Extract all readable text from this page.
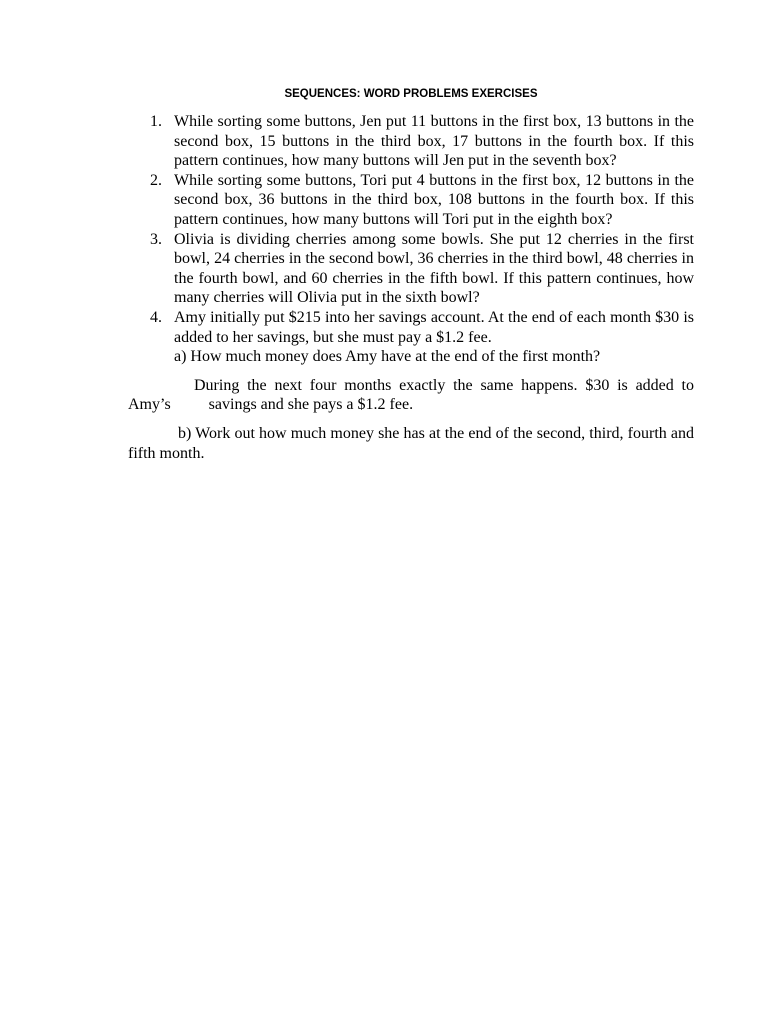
SEQUENCES: WORD PROBLEMS EXERCISES
1. While sorting some buttons, Jen put 11 buttons in the first box, 13 buttons in the second box, 15 buttons in the third box, 17 buttons in the fourth box. If this pattern continues, how many buttons will Jen put in the seventh box?
2. While sorting some buttons, Tori put 4 buttons in the first box, 12 buttons in the second box, 36 buttons in the third box, 108 buttons in the fourth box. If this pattern continues, how many buttons will Tori put in the eighth box?
3. Olivia is dividing cherries among some bowls. She put 12 cherries in the first bowl, 24 cherries in the second bowl, 36 cherries in the third bowl, 48 cherries in the fourth bowl, and 60 cherries in the fifth bowl. If this pattern continues, how many cherries will Olivia put in the sixth bowl?
4. Amy initially put $215 into her savings account. At the end of each month $30 is added to her savings, but she must pay a $1.2 fee.
a) How much money does Amy have at the end of the first month?

During the next four months exactly the same happens. $30 is added to Amy’s savings and she pays a $1.2 fee.

b) Work out how much money she has at the end of the second, third, fourth and fifth month.
